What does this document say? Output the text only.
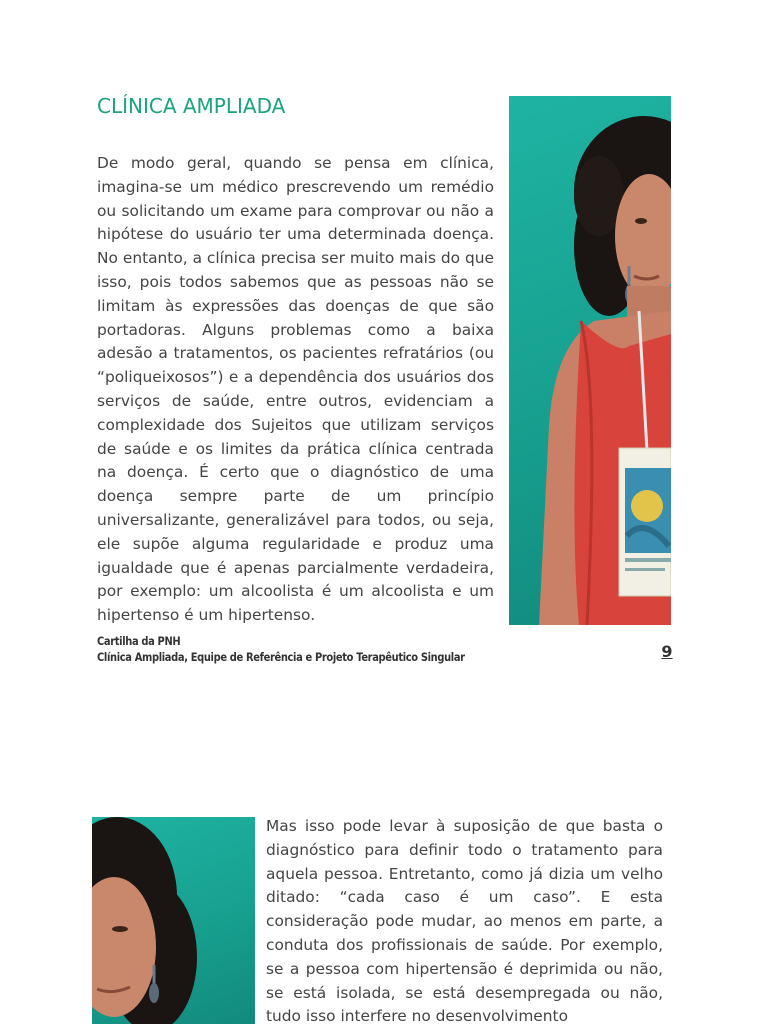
CLÍNICA AMPLIADA

De modo geral, quando se pensa em clínica, imagina-se um médico prescrevendo um remédio ou solicitando um exame para comprovar ou não a hipótese do usuário ter uma determinada doença. No entanto, a clínica precisa ser muito mais do que isso, pois todos sabemos que as pessoas não se limitam às expressões das doenças de que são portadoras. Alguns problemas como a baixa adesão a tratamentos, os pacientes refratários (ou “poliqueixosos”) e a dependência dos usuários dos serviços de saúde, entre outros, evidenciam a complexidade dos Sujeitos que utilizam serviços de saúde e os limites da prática clínica centrada na doença. É certo que o diagnóstico de uma doença sempre parte de um princípio universalizante, generalizável para todos, ou seja, ele supõe alguma regularidade e produz uma igualdade que é apenas parcialmente verdadeira, por exemplo: um alcoolista é um alcoolista e um hipertenso é um hipertenso.

Cartilha da PNH

Clínica Ampliada, Equipe de Referência e Projeto Terapêutico Singular	9

Mas isso pode levar à suposição de que basta o diagnóstico para definir todo o tratamento para aquela pessoa. Entretanto, como já dizia um velho ditado: “cada caso é um caso”. E esta consideração pode mudar, ao menos em parte, a conduta dos profissionais de saúde. Por exemplo, se a pessoa com hipertensão é deprimida ou não, se está isolada, se está desempregada ou não, tudo isso interfere no desenvolvimento
